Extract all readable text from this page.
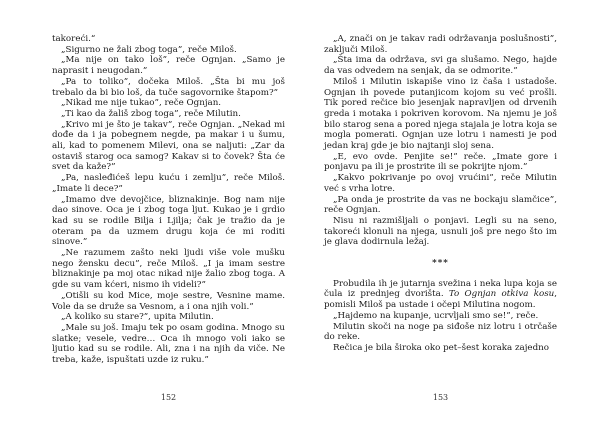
takoreći.“

„Sigurno ne žali zbog toga”, reče Miloš.

„Ma nije on tako loš”, reče Ognjan. „Samo je naprasit i neugodan.”

„Pa to toliko”, dočeka Miloš. „Šta bi mu još trebalo da bi bio loš, da tuče sagovornike štapom?”

„Nikad me nije tukao”, reče Ognjan.

„Ti kao da žališ zbog toga”, reče Milutin.

„Krivo mi je što je takav”, reče Ognjan. „Nekad mi dođe da i ja pobegnem negde, pa makar i u šumu, ali, kad to pomenem Milevi, ona se naljuti: „Zar da ostaviš starog oca samog? Kakav si to čovek? Šta će svet da kaže?”

„Pa, nasleđićeš lepu kuću i zemlju”, reče Miloš. „Imate li dece?”

„Imamo dve devojčice, bliznakinje. Bog nam nije dao sinove. Oca je i zbog toga ljut. Kukao je i grdio kad su se rodile Bilja i Ljilja; čak je tražio da je oteram pa da uzmem drugu koja će mi roditi sinove.”

„Ne razumem zašto neki ljudi više vole mušku nego žensku decu”, reče Miloš. „I ja imam sestre bliznakinje pa moj otac nikad nije žalio zbog toga. A gde su vam kćeri, nismo ih videli?”

„Otišli su kod Mice, moje sestre, Vesnine mame. Vole da se druže sa Vesnom, a i ona njih voli.”

„A koliko su stare?”, upita Milutin.

„Male su još. Imaju tek po osam godina. Mnogo su slatke; vesele, vedre… Oca ih mnogo voli iako se ljutio kad su se rodile. Ali, zna i na njih da viče. Ne treba, kaže, ispuštati uzde iz ruku.”

152

„A, znači on je takav radi održavanja poslušnosti”, zaključi Miloš.

„Šta ima da održava, svi ga slušamo. Nego, hajde da vas odvedem na senjak, da se odmorite.”

Miloš i Milutin iskapiše vino iz čaša i ustadoše. Ognjan ih povede putanjicom kojom su već prošli. Tik pored rečice bio jesenjak napravljen od drvenih greda i motaka i pokriven korovom. Na njemu je još bilo starog sena a pored njega stajala je lotra koja se mogla pomerati. Ognjan uze lotru i namesti je pod jedan kraj gde je bio najtanji sloj sena.

„E, evo ovde. Penjite se!” reče. „Imate gore i ponjavu pa ili je prostrite ili se pokrijte njom.”

„Kakvo pokrivanje po ovoj vrućini”, reče Milutin već s vrha lotre.

„Pa onda je prostrite da vas ne bockaju slamčice”, reče Ognjan.

Nisu ni razmišljali o ponjavi. Legli su na seno, takoreći klonuli na njega, usnuli još pre nego što im je glava dodirnula ležaj.

***

Probudila ih je jutarnja svežina i neka lupa koja se čula iz prednjeg dvorišta. To Ognjan otkiva kosu, pomisli Miloš pa ustade i očepi Milutina nogom.

„Hajdemo na kupanje, ucrvljali smo se!”, reče.

Milutin skoči na noge pa siđoše niz lotru i otrčaše do reke.

Rečica je bila široka oko pet–šest koraka zajedno

153
